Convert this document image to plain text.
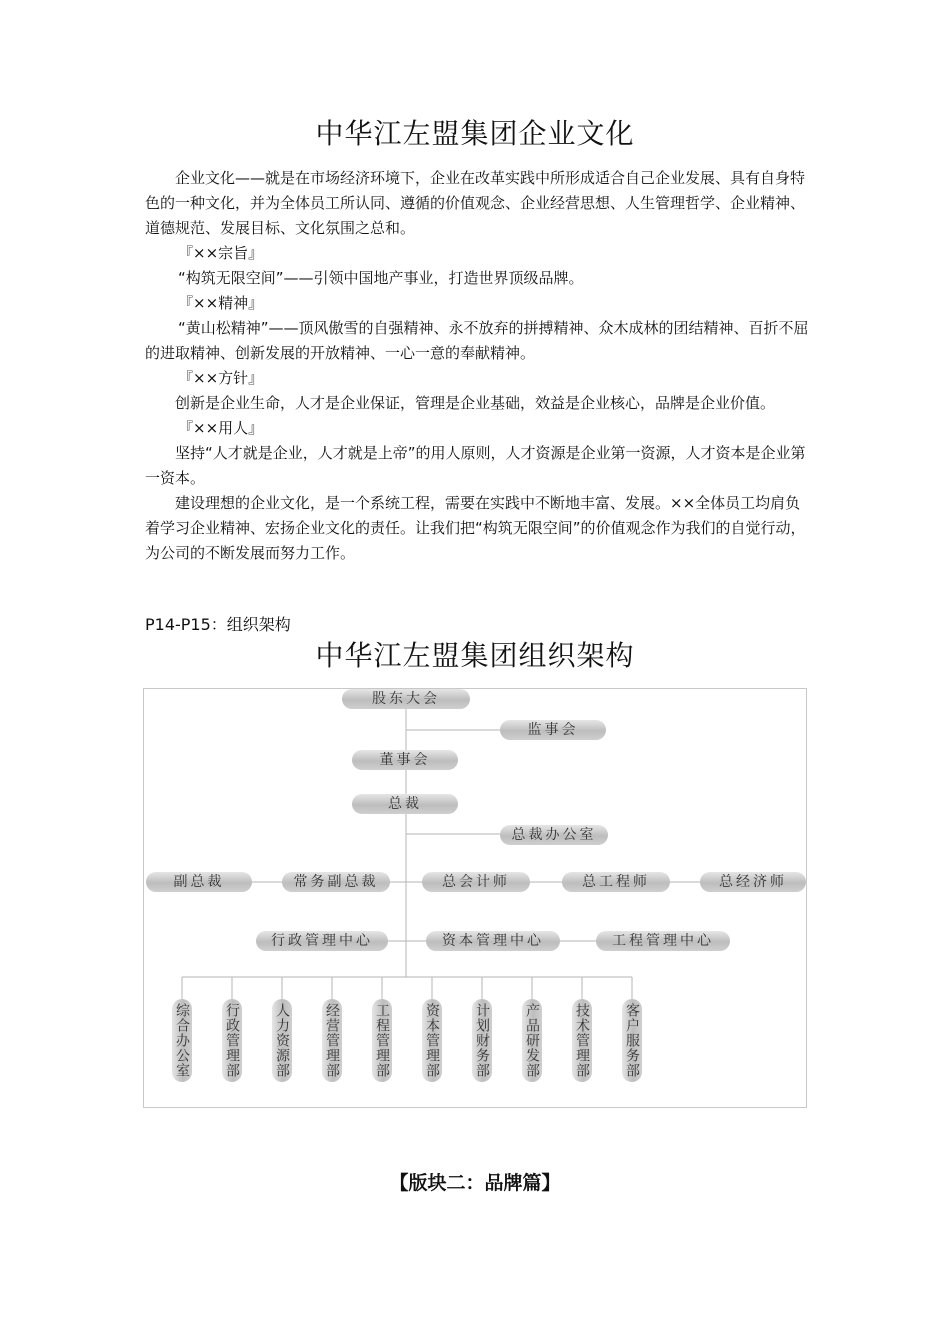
中华江左盟集团企业文化

企业文化——就是在市场经济环境下，企业在改革实践中所形成适合自己企业发展、具有自身特色的一种文化，并为全体员工所认同、遵循的价值观念、企业经营思想、人生管理哲学、企业精神、道德规范、发展目标、文化氛围之总和。

『××宗旨』

“构筑无限空间”——引领中国地产事业，打造世界顶级品牌。

『××精神』

“黄山松精神”——顶风傲雪的自强精神、永不放弃的拼搏精神、众木成林的团结精神、百折不屈的进取精神、创新发展的开放精神、一心一意的奉献精神。

『××方针』

创新是企业生命，人才是企业保证，管理是企业基础，效益是企业核心，品牌是企业价值。

『××用人』

坚持“人才就是企业，人才就是上帝”的用人原则，人才资源是企业第一资源，人才资本是企业第一资本。

建设理想的企业文化，是一个系统工程，需要在实践中不断地丰富、发展。××全体员工均肩负着学习企业精神、宏扬企业文化的责任。让我们把“构筑无限空间”的价值观念作为我们的自觉行动，为公司的不断发展而努力工作。

P14-P15：组织架构
中华江左盟集团组织架构
股东大会
监事会
董事会
总裁
总裁办公室
副总裁	常务副总裁	总会计师	总工程师	总经济师
行政管理中心	资本管理中心	工程管理中心
综合办公室 行政管理部 人力资源部 经营管理部 工程管理部 资本管理部 计划财务部 产品研发部 技术管理部 客户服务部
【版块二：品牌篇】
